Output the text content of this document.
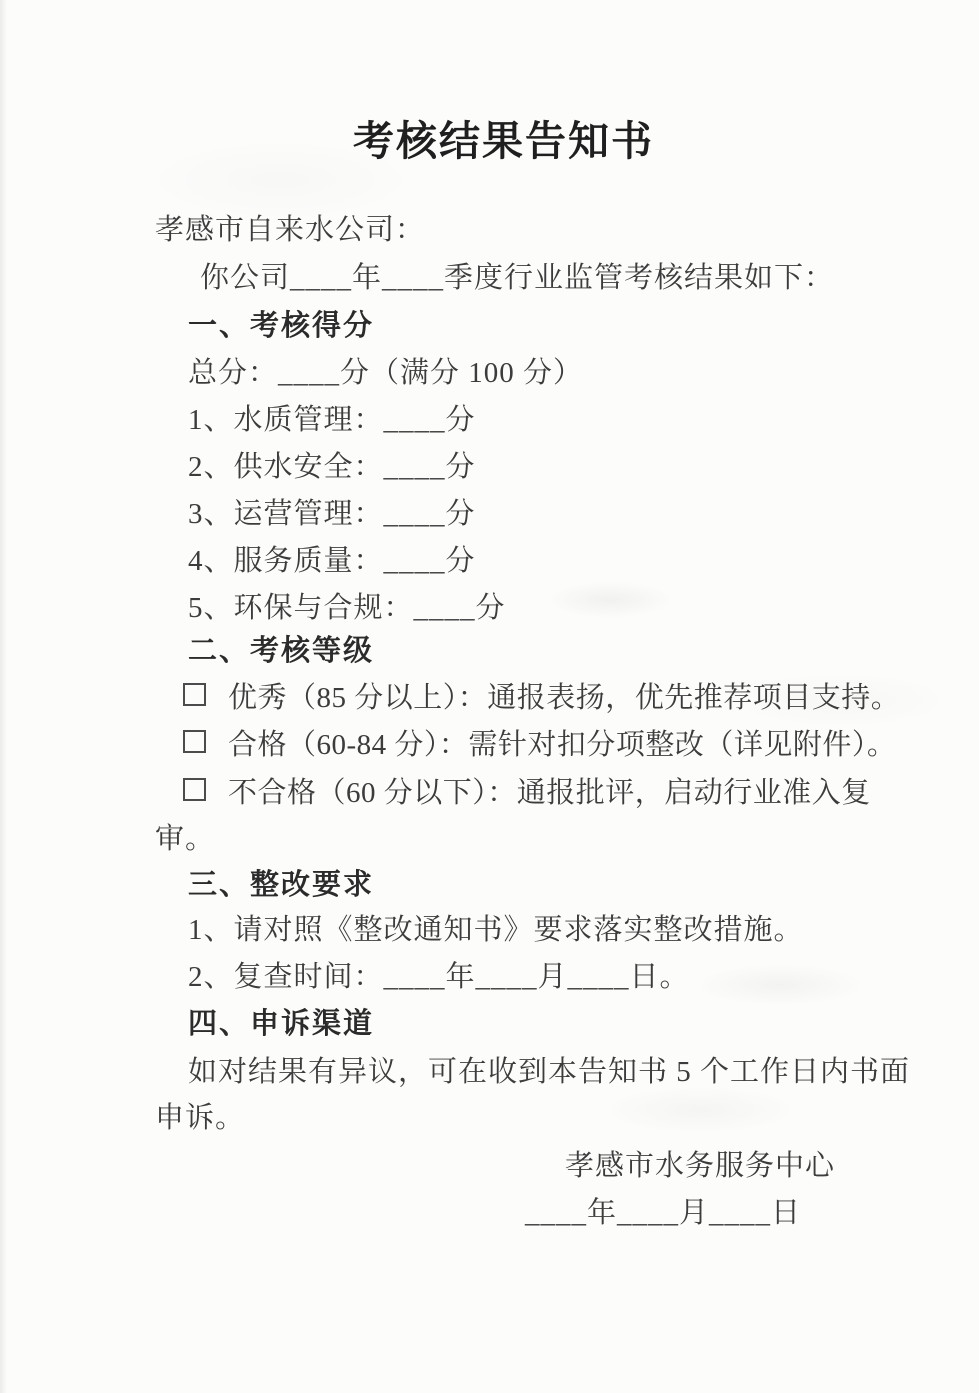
考核结果告知书
孝感市自来水公司：
你公司____年____季度行业监管考核结果如下：
一、考核得分
总分：____分（满分 100 分）
1、水质管理：____分
2、供水安全：____分
3、运营管理：____分
4、服务质量：____分
5、环保与合规：____分
二、考核等级
优秀（85 分以上）：通报表扬，优先推荐项目支持。
合格（60-84 分）：需针对扣分项整改（详见附件）。
不合格（60 分以下）：通报批评，启动行业准入复
审。
三、整改要求
1、请对照《整改通知书》要求落实整改措施。
2、复查时间：____年____月____日。
四、申诉渠道
如对结果有异议，可在收到本告知书 5 个工作日内书面
申诉。
孝感市水务服务中心
____年____月____日
